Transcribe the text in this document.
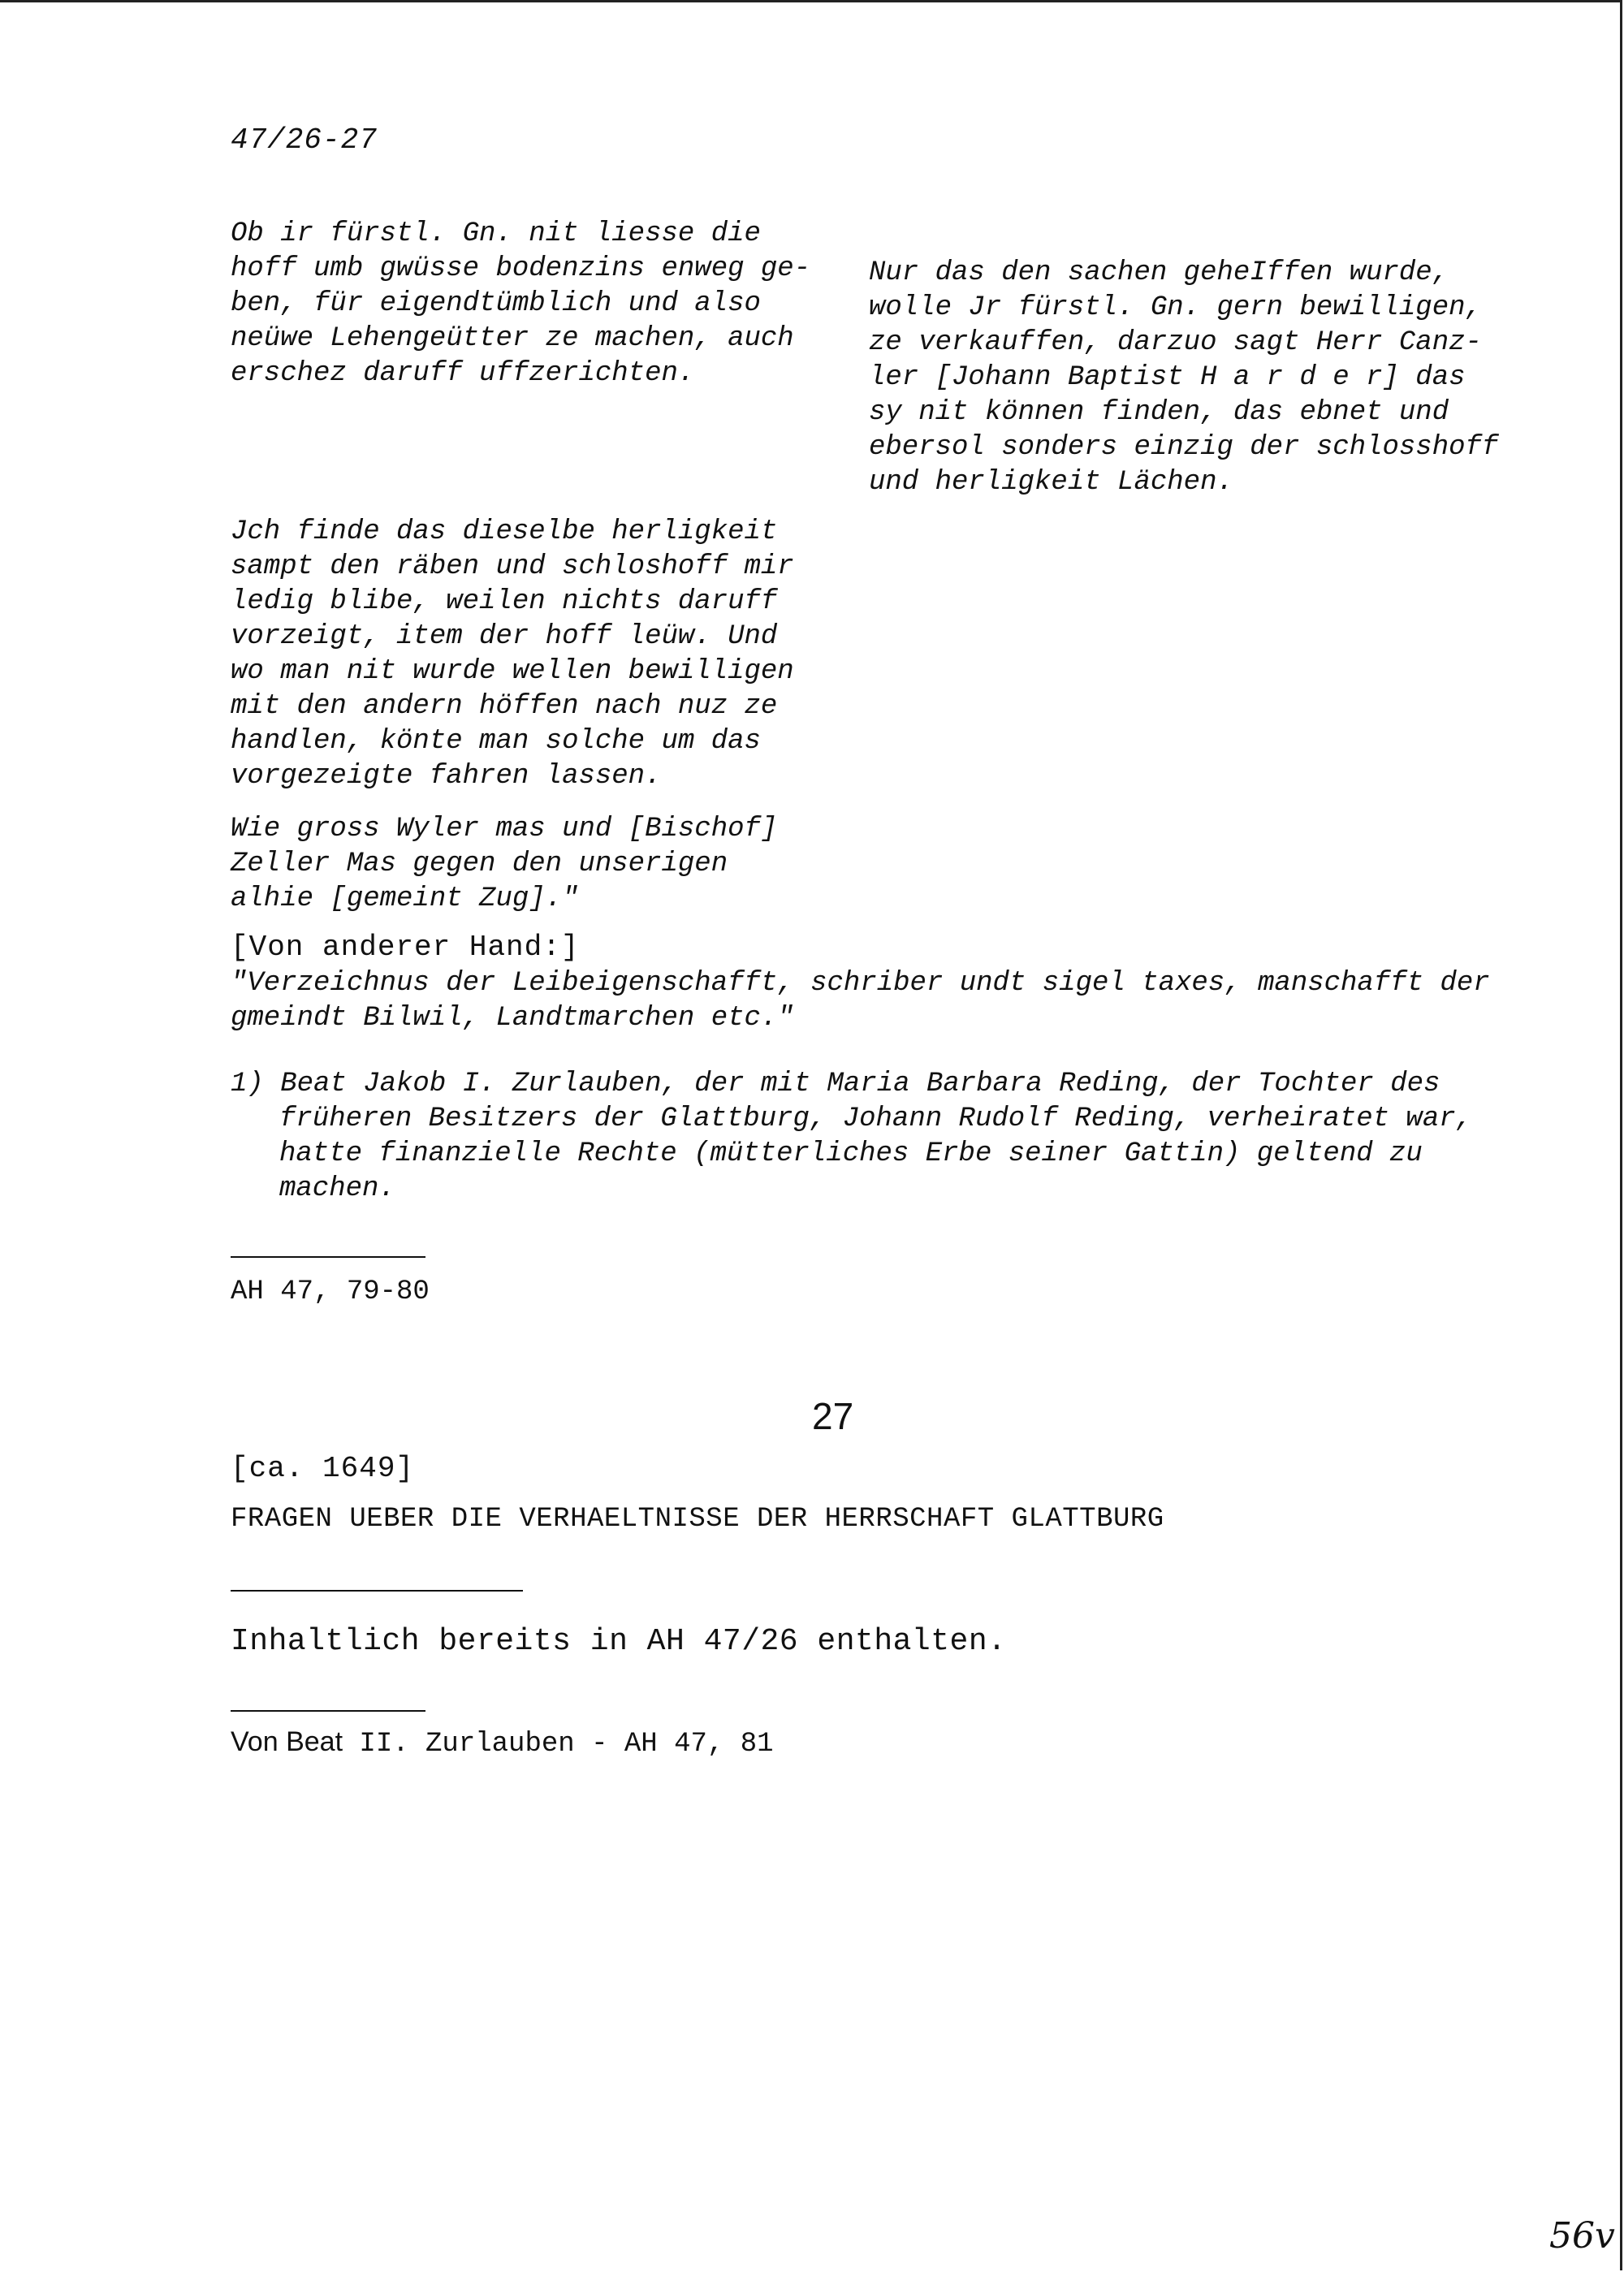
47/26-27
Ob ir fürstl. Gn. nit liesse die
hoff umb gwüsse bodenzins enweg ge-
ben, für eigendtümblich und also
neüwe Lehengeütter ze machen, auch
erschez daruff uffzerichten.
Nur das den sachen geheIffen wurde,
wolle Jr fürstl. Gn. gern bewilligen,
ze verkauffen, darzuo sagt Herr Canz-
ler [Johann Baptist H a r d e r] das
sy nit können finden, das ebnet und
ebersol sonders einzig der schlosshoff
und herligkeit Lächen.
Jch finde das dieselbe herligkeit
sampt den räben und schloshoff mir
ledig blibe, weilen nichts daruff
vorzeigt, item der hoff leüw. Und
wo man nit wurde wellen bewilligen
mit den andern höffen nach nuz ze
handlen, könte man solche um das
vorgezeigte fahren lassen.
Wie gross Wyler mas und [Bischof]
Zeller Mas gegen den unserigen
alhie [gemeint Zug]."
[Von anderer Hand:]
"Verzeichnus der Leibeigenschafft, schriber undt sigel taxes, manschafft der
gmeindt Bilwil, Landtmarchen etc."
1) Beat Jakob I. Zurlauben, der mit Maria Barbara Reding, der Tochter des
früheren Besitzers der Glattburg, Johann Rudolf Reding, verheiratet war,
hatte finanzielle Rechte (mütterliches Erbe seiner Gattin) geltend zu
machen.
AH 47, 79-80
27
[ca. 1649]
FRAGEN UEBER DIE VERHAELTNISSE DER HERRSCHAFT GLATTBURG
Inhaltlich bereits in AH 47/26 enthalten.
Von Beat II. Zurlauben - AH 47, 81
56v
